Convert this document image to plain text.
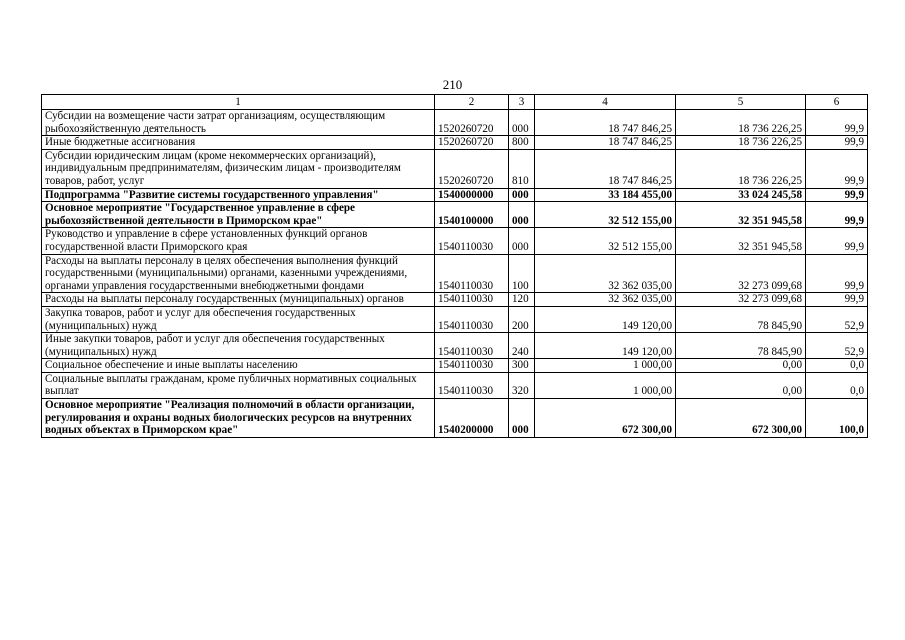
210
1	2	3	4	5	6
Субсидии на возмещение части затрат организациям, осуществляющим рыбохозяйственную деятельность	1520260720	000	18 747 846,25	18 736 226,25	99,9
Иные бюджетные ассигнования	1520260720	800	18 747 846,25	18 736 226,25	99,9
Субсидии юридическим лицам (кроме некоммерческих организаций), индивидуальным предпринимателям, физическим лицам - производителям товаров, работ, услуг	1520260720	810	18 747 846,25	18 736 226,25	99,9
Подпрограмма "Развитие системы государственного управления"	1540000000	000	33 184 455,00	33 024 245,58	99,9
Основное мероприятие "Государственное управление в сфере рыбохозяйственной деятельности в Приморском крае"	1540100000	000	32 512 155,00	32 351 945,58	99,9
Руководство и управление в сфере установленных функций органов государственной власти Приморского края	1540110030	000	32 512 155,00	32 351 945,58	99,9
Расходы на выплаты персоналу в целях обеспечения выполнения функций государственными (муниципальными) органами, казенными учреждениями, органами управления государственными внебюджетными фондами	1540110030	100	32 362 035,00	32 273 099,68	99,9
Расходы на выплаты персоналу государственных (муниципальных) органов	1540110030	120	32 362 035,00	32 273 099,68	99,9
Закупка товаров, работ и услуг для обеспечения государственных (муниципальных) нужд	1540110030	200	149 120,00	78 845,90	52,9
Иные закупки товаров, работ и услуг для обеспечения государственных (муниципальных) нужд	1540110030	240	149 120,00	78 845,90	52,9
Социальное обеспечение и иные выплаты населению	1540110030	300	1 000,00	0,00	0,0
Социальные выплаты гражданам, кроме публичных нормативных социальных выплат	1540110030	320	1 000,00	0,00	0,0
Основное мероприятие "Реализация полномочий в области организации, регулирования и охраны водных биологических ресурсов на внутренних водных объектах в Приморском крае"	1540200000	000	672 300,00	672 300,00	100,0
